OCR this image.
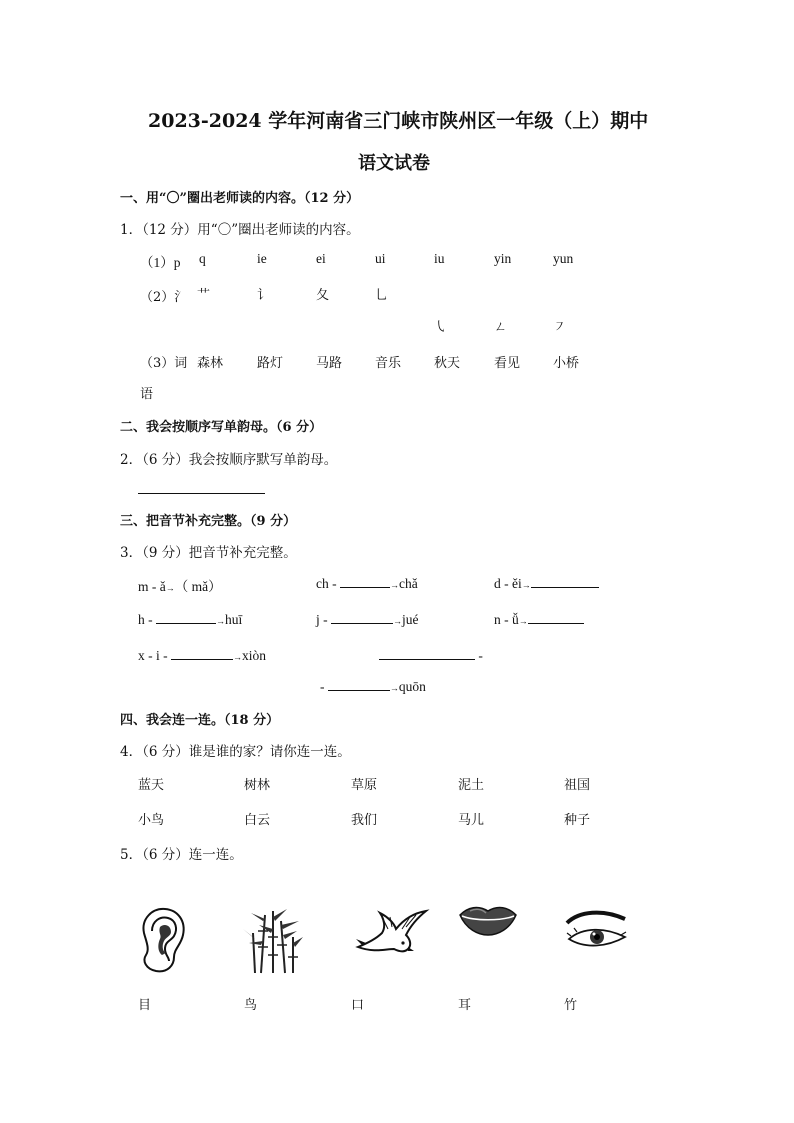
2023-2024 学年河南省三门峡市陕州区一年级（上）期中
语文试卷
一、用“〇”圈出老师读的内容。（12 分）
1．（12 分）用“〇”圈出老师读的内容。
（1）p q	ie	ei	ui	iu	yin	yun
（2）氵 艹	讠	夂	乚
㇂	ㄥ	㇇
（3）词
语
森林	路灯	马路	音乐	秋天	看见	小桥
二、我会按顺序写单韵母。（6 分）
2．（6 分）我会按顺序默写单韵母。
三、把音节补充完整。（9 分）
3．（9 分）把音节补充完整。
m - ǎ→（ mǎ）	ch -	→chǎ	d - ěi→
h -	→huī	j -	→jué	n - ǚ→
x - i -	→xiòn	-
-	→quōn
四、我会连一连。（18 分）
4．（6 分）谁是谁的家？请你连一连。
蓝天	树林	草原	泥土	祖国
小鸟	白云	我们	马儿	种子
5．（6 分）连一连。
目	鸟	口	耳	竹
